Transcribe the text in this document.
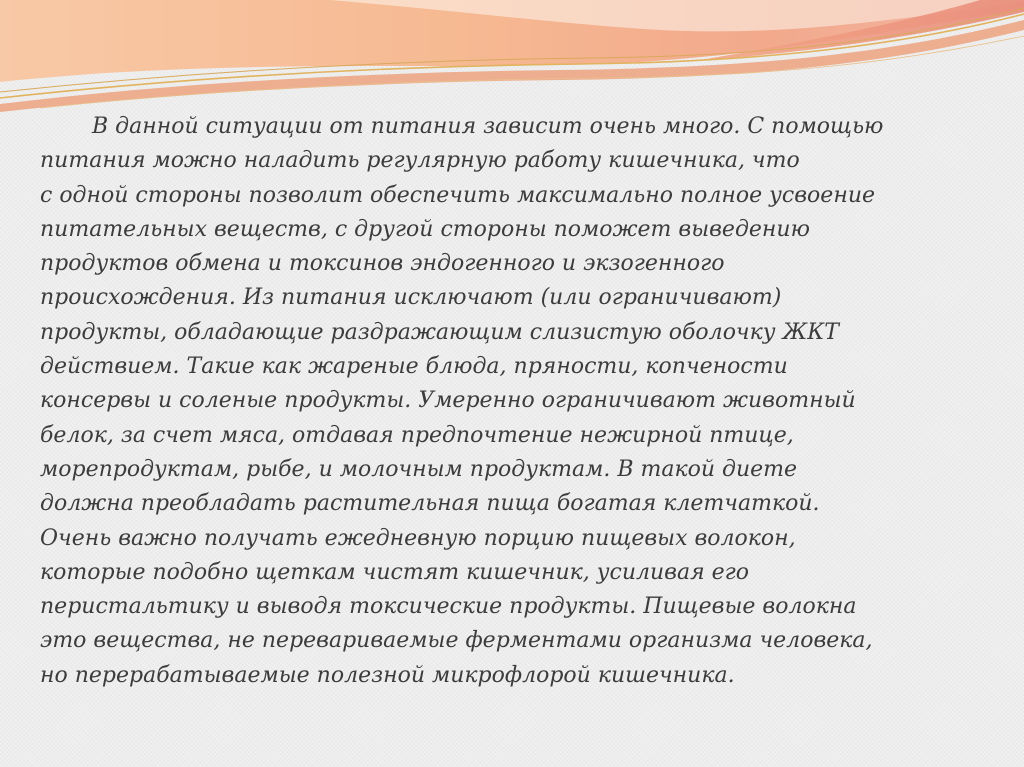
В данной ситуации от питания зависит очень много. С помощью
питания можно наладить регулярную работу кишечника, что
с одной стороны позволит обеспечить максимально полное усвоение
питательных веществ, с другой стороны поможет выведению
продуктов обмена и токсинов эндогенного и экзогенного
происхождения. Из питания исключают (или ограничивают)
продукты, обладающие раздражающим слизистую оболочку ЖКТ
действием. Такие как жареные блюда, пряности, копчености
консервы и соленые продукты. Умеренно ограничивают животный
белок, за счет мяса, отдавая предпочтение нежирной птице,
морепродуктам, рыбе, и молочным продуктам. В такой диете
должна преобладать растительная пища богатая клетчаткой.
Очень важно получать ежедневную порцию пищевых волокон,
которые подобно щеткам чистят кишечник, усиливая его
перистальтику и выводя токсические продукты. Пищевые волокна
это вещества, не перевариваемые ферментами организма человека,
но перерабатываемые полезной микрофлорой кишечника.
